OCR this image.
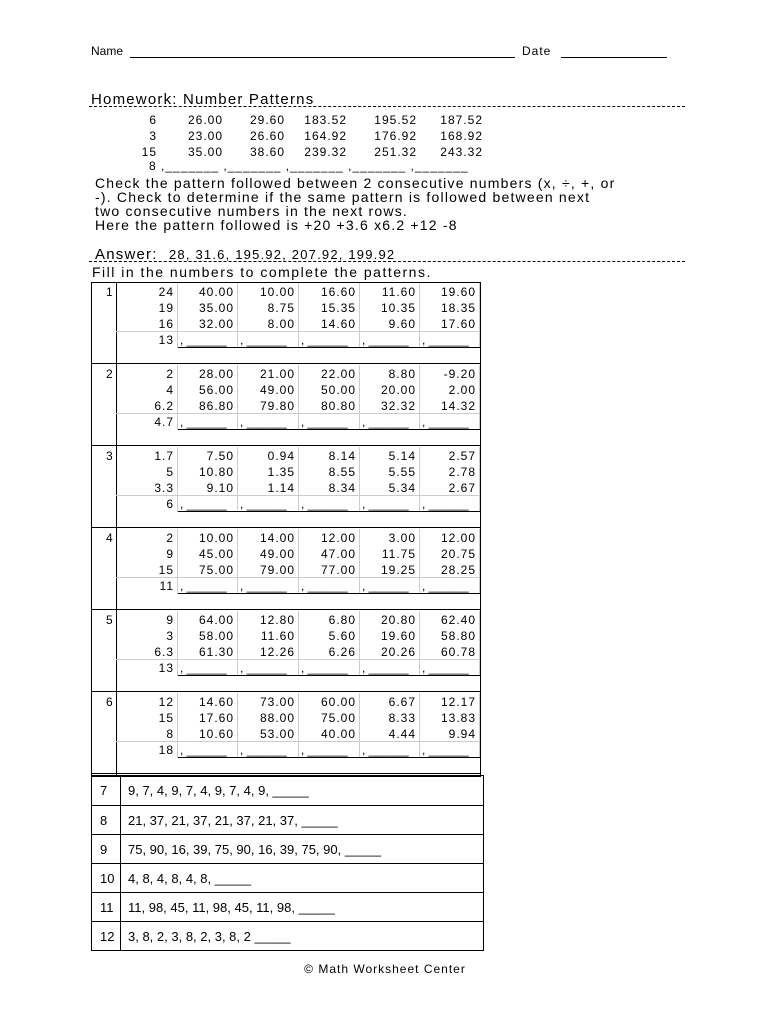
Name	Date
Homework: Number Patterns
6	26.00	29.60	183.52	195.52	187.52
3	23.00	26.60	164.92	176.92	168.92
15	35.00	38.60	239.32	251.32	243.32
8 ,_______ ,_______ ,_______ ,_______ ,_______
Check the pattern followed between 2 consecutive numbers (x, ÷, +, or
-). Check to determine if the same pattern is followed between next
two consecutive numbers in the next rows.
Here the pattern followed is +20 +3.6 x6.2 +12 -8
Answer: 28, 31.6, 195.92, 207.92, 199.92
Fill in the numbers to complete the patterns.
1	24	40.00	10.00	16.60	11.60	19.60
19	35.00	8.75	15.35	10.35	18.35
16	32.00	8.00	14.60	9.60	17.60
13 , ______ , ______ , ______ , ______ , ______
2	2	28.00	21.00	22.00	8.80	-9.20
4	56.00	49.00	50.00	20.00	2.00
6.2	86.80	79.80	80.80	32.32	14.32
4.7 , ______ , ______ , ______ , ______ , ______
3	1.7	7.50	0.94	8.14	5.14	2.57
5	10.80	1.35	8.55	5.55	2.78
3.3	9.10	1.14	8.34	5.34	2.67
6 , ______ , ______ , ______ , ______ , ______
4	2	10.00	14.00	12.00	3.00	12.00
9	45.00	49.00	47.00	11.75	20.75
15	75.00	79.00	77.00	19.25	28.25
11 , ______ , ______ , ______ , ______ , ______
5	9	64.00	12.80	6.80	20.80	62.40
3	58.00	11.60	5.60	19.60	58.80
6.3	61.30	12.26	6.26	20.26	60.78
13 , ______ , ______ , ______ , ______ , ______
6	12	14.60	73.00	60.00	6.67	12.17
15	17.60	88.00	75.00	8.33	13.83
8	10.60	53.00	40.00	4.44	9.94
18 , ______ , ______ , ______ , ______ , ______
7 9, 7, 4, 9, 7, 4, 9, 7, 4, 9, _____
8 21, 37, 21, 37, 21, 37, 21, 37, _____
9 75, 90, 16, 39, 75, 90, 16, 39, 75, 90, _____
10 4, 8, 4, 8, 4, 8, _____
11 11, 98, 45, 11, 98, 45, 11, 98, _____
12 3, 8, 2, 3, 8, 2, 3, 8, 2 _____
© Math Worksheet Center
